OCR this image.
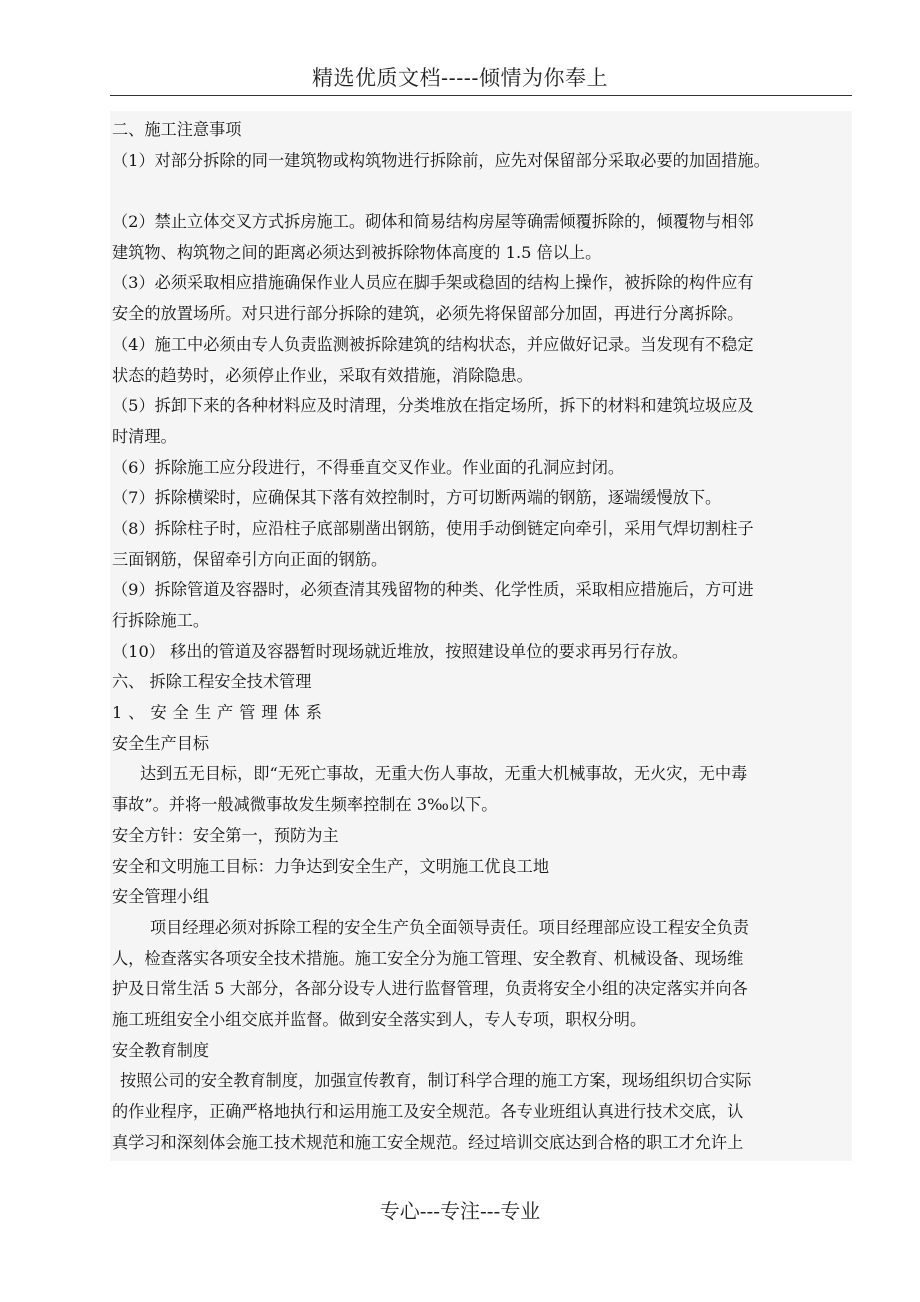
精选优质文档-----倾情为你奉上
二、施工注意事项
（1）对部分拆除的同一建筑物或构筑物进行拆除前，应先对保留部分采取必要的加固措施。
（2）禁止立体交叉方式拆房施工。砌体和简易结构房屋等确需倾覆拆除的，倾覆物与相邻
建筑物、构筑物之间的距离必须达到被拆除物体高度的 1.5 倍以上。
（3）必须采取相应措施确保作业人员应在脚手架或稳固的结构上操作，被拆除的构件应有
安全的放置场所。对只进行部分拆除的建筑，必须先将保留部分加固，再进行分离拆除。
（4）施工中必须由专人负责监测被拆除建筑的结构状态，并应做好记录。当发现有不稳定
状态的趋势时，必须停止作业，采取有效措施，消除隐患。
（5）拆卸下来的各种材料应及时清理，分类堆放在指定场所，拆下的材料和建筑垃圾应及
时清理。
（6）拆除施工应分段进行，不得垂直交叉作业。作业面的孔洞应封闭。
（7）拆除横梁时，应确保其下落有效控制时，方可切断两端的钢筋，逐端缓慢放下。
（8）拆除柱子时，应沿柱子底部剔凿出钢筋，使用手动倒链定向牵引，采用气焊切割柱子
三面钢筋，保留牵引方向正面的钢筋。
（9）拆除管道及容器时，必须查清其残留物的种类、化学性质，采取相应措施后，方可进
行拆除施工。
（10） 移出的管道及容器暂时现场就近堆放，按照建设单位的要求再另行存放。
六、 拆除工程安全技术管理
1、安全生产管理体系
安全生产目标
达到五无目标，即“无死亡事故，无重大伤人事故，无重大机械事故，无火灾，无中毒
事故”。并将一般减微事故发生频率控制在 3‰以下。
安全方针：安全第一，预防为主
安全和文明施工目标：力争达到安全生产，文明施工优良工地
安全管理小组
项目经理必须对拆除工程的安全生产负全面领导责任。项目经理部应设工程安全负责
人，检查落实各项安全技术措施。施工安全分为施工管理、安全教育、机械设备、现场维
护及日常生活 5 大部分，各部分设专人进行监督管理，负责将安全小组的决定落实并向各
施工班组安全小组交底并监督。做到安全落实到人，专人专项，职权分明。
安全教育制度
按照公司的安全教育制度，加强宣传教育，制订科学合理的施工方案，现场组织切合实际
的作业程序，正确严格地执行和运用施工及安全规范。各专业班组认真进行技术交底，认
真学习和深刻体会施工技术规范和施工安全规范。经过培训交底达到合格的职工才允许上
专心---专注---专业
